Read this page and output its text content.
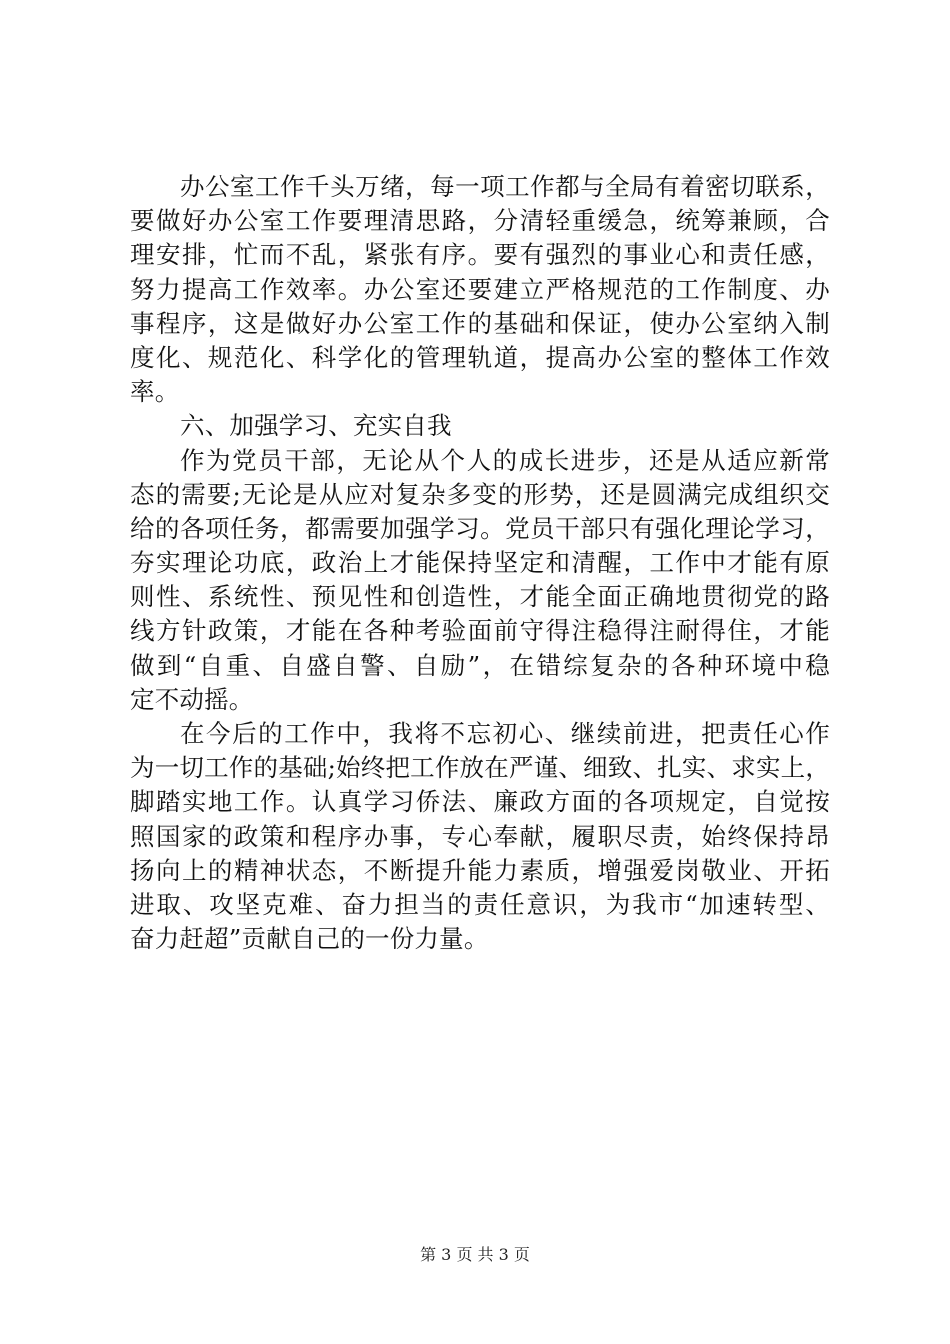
办公室工作千头万绪，每一项工作都与全局有着密切联系，
要做好办公室工作要理清思路，分清轻重缓急，统筹兼顾，合
理安排，忙而不乱，紧张有序。要有强烈的事业心和责任感，
努力提高工作效率。办公室还要建立严格规范的工作制度、办
事程序，这是做好办公室工作的基础和保证，使办公室纳入制
度化、规范化、科学化的管理轨道，提高办公室的整体工作效
率。
六、加强学习、充实自我
作为党员干部，无论从个人的成长进步，还是从适应新常
态的需要;无论是从应对复杂多变的形势，还是圆满完成组织交
给的各项任务，都需要加强学习。党员干部只有强化理论学习，
夯实理论功底，政治上才能保持坚定和清醒，工作中才能有原
则性、系统性、预见性和创造性，才能全面正确地贯彻党的路
线方针政策，才能在各种考验面前守得注稳得注耐得住，才能
做到“自重、自盛自警、自励”，在错综复杂的各种环境中稳
定不动摇。
在今后的工作中，我将不忘初心、继续前进，把责任心作
为一切工作的基础;始终把工作放在严谨、细致、扎实、求实上，
脚踏实地工作。认真学习侨法、廉政方面的各项规定，自觉按
照国家的政策和程序办事，专心奉献，履职尽责，始终保持昂
扬向上的精神状态，不断提升能力素质，增强爱岗敬业、开拓
进取、攻坚克难、奋力担当的责任意识，为我市“加速转型、
奋力赶超”贡献自己的一份力量。
第 3 页 共 3 页
